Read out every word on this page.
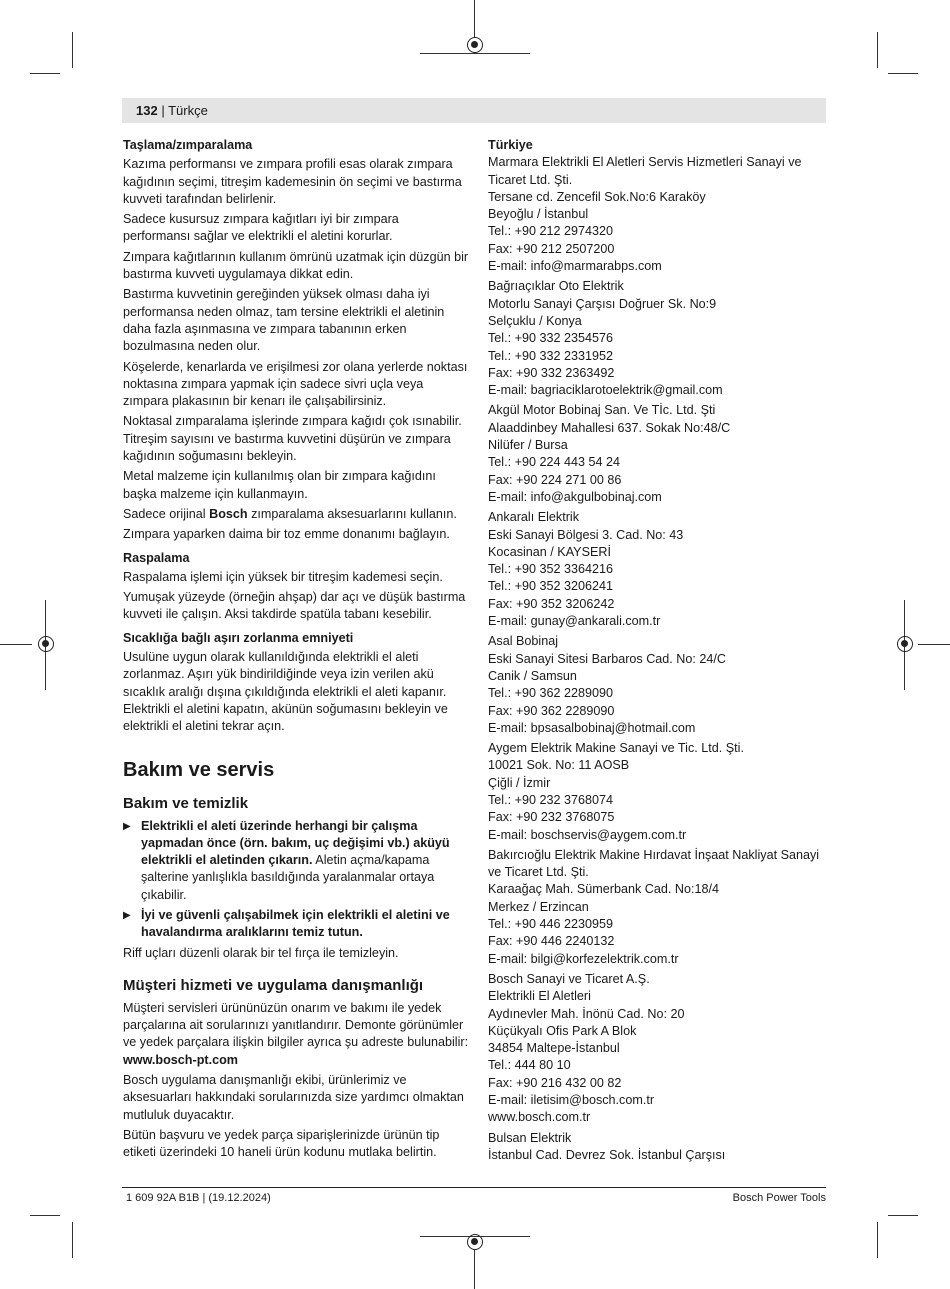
132 | Türkçe

Taşlama/zımparalama

Kazıma performansı ve zımpara profili esas olarak zımpara kağıdının seçimi, titreşim kademesinin ön seçimi ve bastırma kuvveti tarafından belirlenir.

Sadece kusursuz zımpara kağıtları iyi bir zımpara performansı sağlar ve elektrikli el aletini korurlar.

Zımpara kağıtlarının kullanım ömrünü uzatmak için düzgün bir bastırma kuvveti uygulamaya dikkat edin.

Bastırma kuvvetinin gereğinden yüksek olması daha iyi performansa neden olmaz, tam tersine elektrikli el aletinin daha fazla aşınmasına ve zımpara tabanının erken bozulmasına neden olur.

Köşelerde, kenarlarda ve erişilmesi zor olana yerlerde noktası noktasına zımpara yapmak için sadece sivri uçla veya zımpara plakasının bir kenarı ile çalışabilirsiniz.

Noktasal zımparalama işlerinde zımpara kağıdı çok ısınabilir. Titreşim sayısını ve bastırma kuvvetini düşürün ve zımpara kağıdının soğumasını bekleyin.

Metal malzeme için kullanılmış olan bir zımpara kağıdını başka malzeme için kullanmayın.

Sadece orijinal Bosch zımparalama aksesuarlarını kullanın.

Zımpara yaparken daima bir toz emme donanımı bağlayın.

Raspalama

Raspalama işlemi için yüksek bir titreşim kademesi seçin.

Yumuşak yüzeyde (örneğin ahşap) dar açı ve düşük bastırma kuvveti ile çalışın. Aksi takdirde spatüla tabanı kesebilir.

Sıcaklığa bağlı aşırı zorlanma emniyeti

Usulüne uygun olarak kullanıldığında elektrikli el aleti zorlanmaz. Aşırı yük bindirildiğinde veya izin verilen akü sıcaklık aralığı dışına çıkıldığında elektrikli el aleti kapanır. Elektrikli el aletini kapatın, akünün soğumasını bekleyin ve elektrikli el aletini tekrar açın.

Bakım ve servis

Bakım ve temizlik

▶ Elektrikli el aleti üzerinde herhangi bir çalışma yapmadan önce (örn. bakım, uç değişimi vb.) aküyü elektrikli el aletinden çıkarın. Aletin açma/kapama şalterine yanlışlıkla basıldığında yaralanmalar ortaya çıkabilir.

▶ İyi ve güvenli çalışabilmek için elektrikli el aletini ve havalandırma aralıklarını temiz tutun.

Riff uçları düzenli olarak bir tel fırça ile temizleyin.

Müşteri hizmeti ve uygulama danışmanlığı

Müşteri servisleri ürününüzün onarım ve bakımı ile yedek parçalarına ait sorularınızı yanıtlandırır. Demonte görünümler ve yedek parçalara ilişkin bilgiler ayrıca şu adreste bulunabilir: www.bosch-pt.com

Bosch uygulama danışmanlığı ekibi, ürünlerimiz ve aksesuarları hakkındaki sorularınızda size yardımcı olmaktan mutluluk duyacaktır.

Bütün başvuru ve yedek parça siparişlerinizde ürünün tip etiketi üzerindeki 10 haneli ürün kodunu mutlaka belirtin.

Türkiye

Marmara Elektrikli El Aletleri Servis Hizmetleri Sanayi ve
Ticaret Ltd. Şti.
Tersane cd. Zencefil Sok.No:6 Karaköy
Beyoğlu / İstanbul
Tel.: +90 212 2974320
Fax: +90 212 2507200
E-mail: info@marmarabps.com
Bağrıaçıklar Oto Elektrik
Motorlu Sanayi Çarşısı Doğruer Sk. No:9
Selçuklu / Konya
Tel.: +90 332 2354576
Tel.: +90 332 2331952
Fax: +90 332 2363492
E-mail: bagriaciklarotoelektrik@gmail.com
Akgül Motor Bobinaj San. Ve Tİc. Ltd. Şti
Alaaddinbey Mahallesi 637. Sokak No:48/C
Nilüfer / Bursa
Tel.: +90 224 443 54 24
Fax: +90 224 271 00 86
E-mail: info@akgulbobinaj.com
Ankaralı Elektrik
Eski Sanayi Bölgesi 3. Cad. No: 43
Kocasinan / KAYSERİ
Tel.: +90 352 3364216
Tel.: +90 352 3206241
Fax: +90 352 3206242
E-mail: gunay@ankarali.com.tr
Asal Bobinaj
Eski Sanayi Sitesi Barbaros Cad. No: 24/C
Canik / Samsun
Tel.: +90 362 2289090
Fax: +90 362 2289090
E-mail: bpsasalbobinaj@hotmail.com
Aygem Elektrik Makine Sanayi ve Tic. Ltd. Şti.
10021 Sok. No: 11 AOSB
Çiğli / İzmir
Tel.: +90 232 3768074
Fax: +90 232 3768075
E-mail: boschservis@aygem.com.tr
Bakırcıoğlu Elektrik Makine Hırdavat İnşaat Nakliyat Sanayi
ve Ticaret Ltd. Şti.
Karaağaç Mah. Sümerbank Cad. No:18/4
Merkez / Erzincan
Tel.: +90 446 2230959
Fax: +90 446 2240132
E-mail: bilgi@korfezelektrik.com.tr
Bosch Sanayi ve Ticaret A.Ş.
Elektrikli El Aletleri
Aydınevler Mah. İnönü Cad. No: 20
Küçükyalı Ofis Park A Blok
34854 Maltepe-İstanbul
Tel.: 444 80 10
Fax: +90 216 432 00 82
E-mail: iletisim@bosch.com.tr
www.bosch.com.tr
Bulsan Elektrik
İstanbul Cad. Devrez Sok. İstanbul Çarşısı
1 609 92A B1B | (19.12.2024)	Bosch Power Tools
